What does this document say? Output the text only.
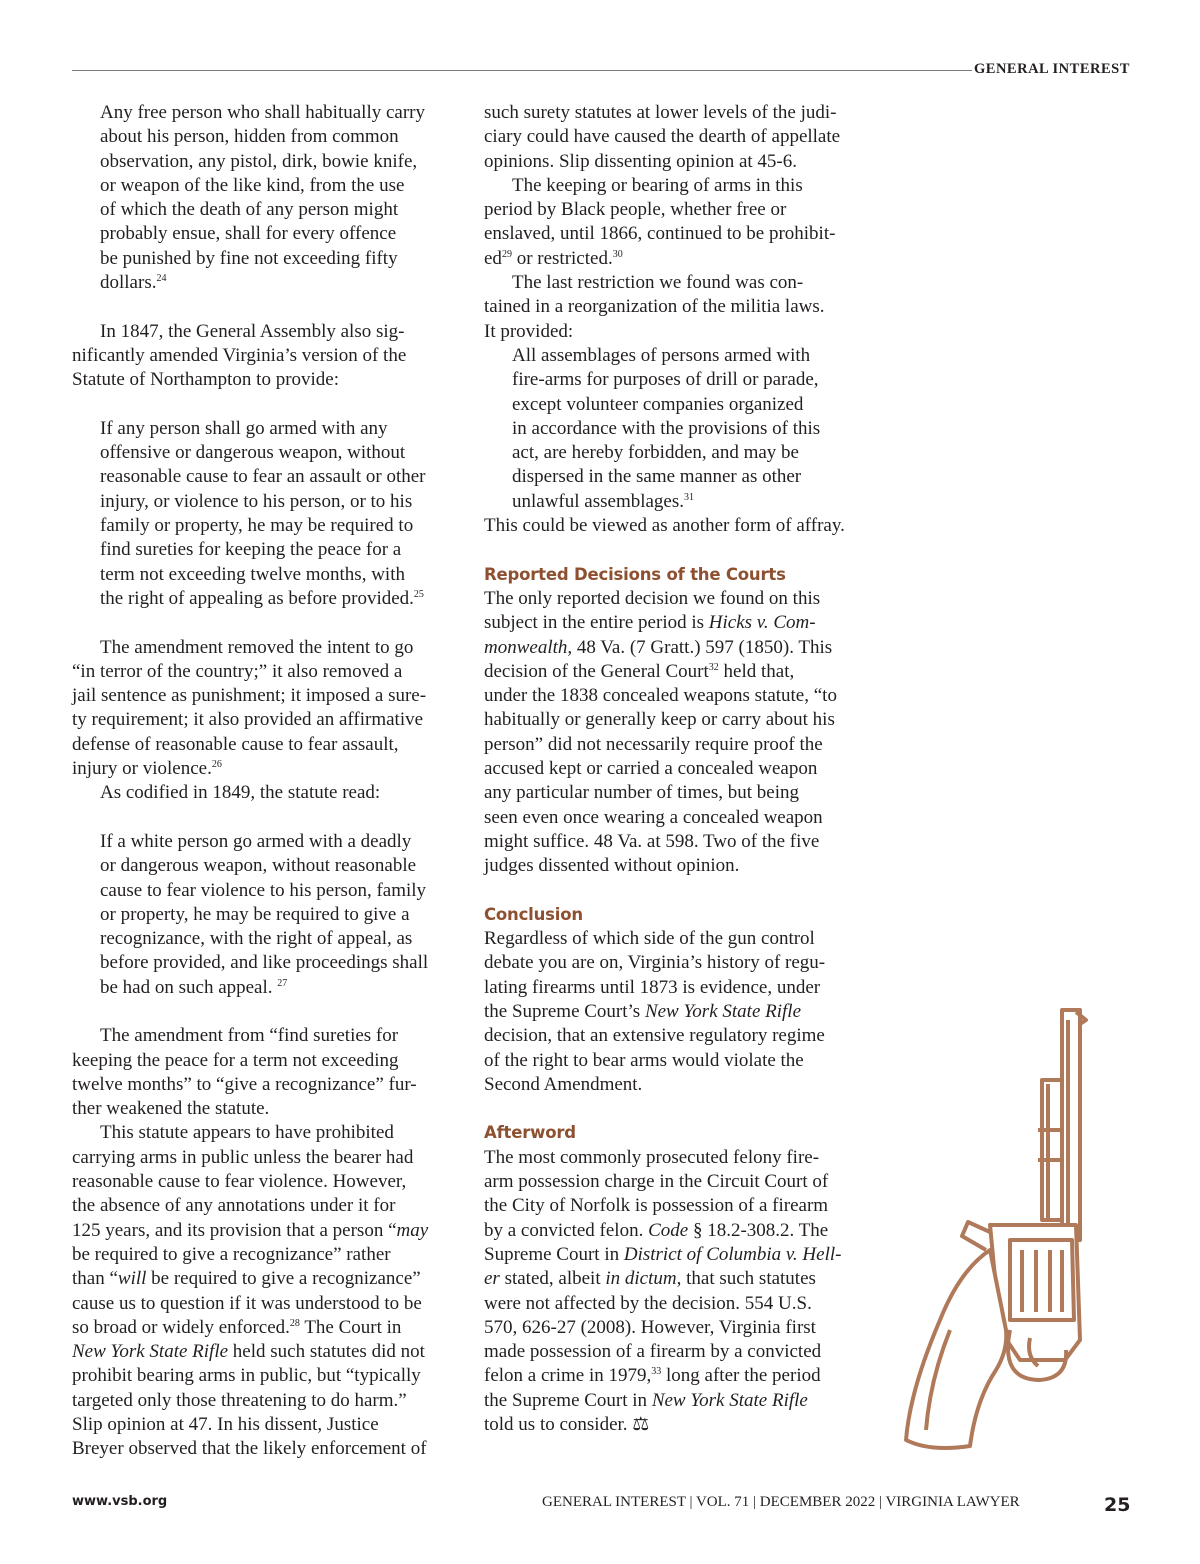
GENERAL INTEREST
Any free person who shall habitually carry
about his person, hidden from common
observation, any pistol, dirk, bowie knife,
or weapon of the like kind, from the use
of which the death of any person might
probably ensue, shall for every offence
be punished by fine not exceeding fifty
dollars.$^{24}$
In 1847, the General Assembly also sig-
nificantly amended Virginia’s version of the
Statute of Northampton to provide:
If any person shall go armed with any
offensive or dangerous weapon, without
reasonable cause to fear an assault or other
injury, or violence to his person, or to his
family or property, he may be required to
find sureties for keeping the peace for a
term not exceeding twelve months, with
the right of appealing as before provided.$^{25}$
The amendment removed the intent to go
“in terror of the country;” it also removed a
jail sentence as punishment; it imposed a sure-
ty requirement; it also provided an affirmative
defense of reasonable cause to fear assault,
injury or violence.$^{26}$
As codified in 1849, the statute read:
If a white person go armed with a deadly
or dangerous weapon, without reasonable
cause to fear violence to his person, family
or property, he may be required to give a
recognizance, with the right of appeal, as
before provided, and like proceedings shall
be had on such appeal. $^{27}$
The amendment from “find sureties for
keeping the peace for a term not exceeding
twelve months” to “give a recognizance” fur-
ther weakened the statute.
This statute appears to have prohibited
carrying arms in public unless the bearer had
reasonable cause to fear violence. However,
the absence of any annotations under it for
125 years, and its provision that a person “may
be required to give a recognizance” rather
than “will be required to give a recognizance”
cause us to question if it was understood to be
so broad or widely enforced.$^{28}$ The Court in
New York State Rifle held such statutes did not
prohibit bearing arms in public, but “typically
targeted only those threatening to do harm.”
Slip opinion at 47. In his dissent, Justice
Breyer observed that the likely enforcement of
such surety statutes at lower levels of the judi-
ciary could have caused the dearth of appellate
opinions. Slip dissenting opinion at 45-6.
The keeping or bearing of arms in this
period by Black people, whether free or
enslaved, until 1866, continued to be prohibit-
$ed^{29}$ or restricted.$^{30}$
The last restriction we found was con-
tained in a reorganization of the militia laws.
It provided:
All assemblages of persons armed with
fire-arms for purposes of drill or parade,
except volunteer companies organized
in accordance with the provisions of this
act, are hereby forbidden, and may be
dispersed in the same manner as other
unlawful assemblages.$^{31}$
This could be viewed as another form of affray.
Reported Decisions of the Courts
The only reported decision we found on this
subject in the entire period is Hicks v. Com-
monwealth, 48 Va. (7 Gratt.) 597 (1850). This
decision of the General Court$^{32}$ held that,
under the 1838 concealed weapons statute, “to
habitually or generally keep or carry about his
person” did not necessarily require proof the
accused kept or carried a concealed weapon
any particular number of times, but being
seen even once wearing a concealed weapon
might suffice. 48 Va. at 598. Two of the five
judges dissented without opinion.
Conclusion
Regardless of which side of the gun control
debate you are on, Virginia’s history of regu-
lating firearms until 1873 is evidence, under
the Supreme Court’s New York State Rifle
decision, that an extensive regulatory regime
of the right to bear arms would violate the
Second Amendment.
Afterword
The most commonly prosecuted felony fire-
arm possession charge in the Circuit Court of
the City of Norfolk is possession of a firearm
by a convicted felon. Code § 18.2-308.2. The
Supreme Court in District of Columbia v. Hell-
er stated, albeit in dictum, that such statutes
were not affected by the decision. 554 U.S.
570, 626-27 (2008). However, Virginia first
made possession of a firearm by a convicted
felon a crime in 1979,33 long after the period
the Supreme Court in New York State Rifle
told us to consider. ⚖
www.vsb.org	GENERAL INTEREST | VOL. 71 | DECEMBER 2022 | VIRGINIA LAWYER	25
